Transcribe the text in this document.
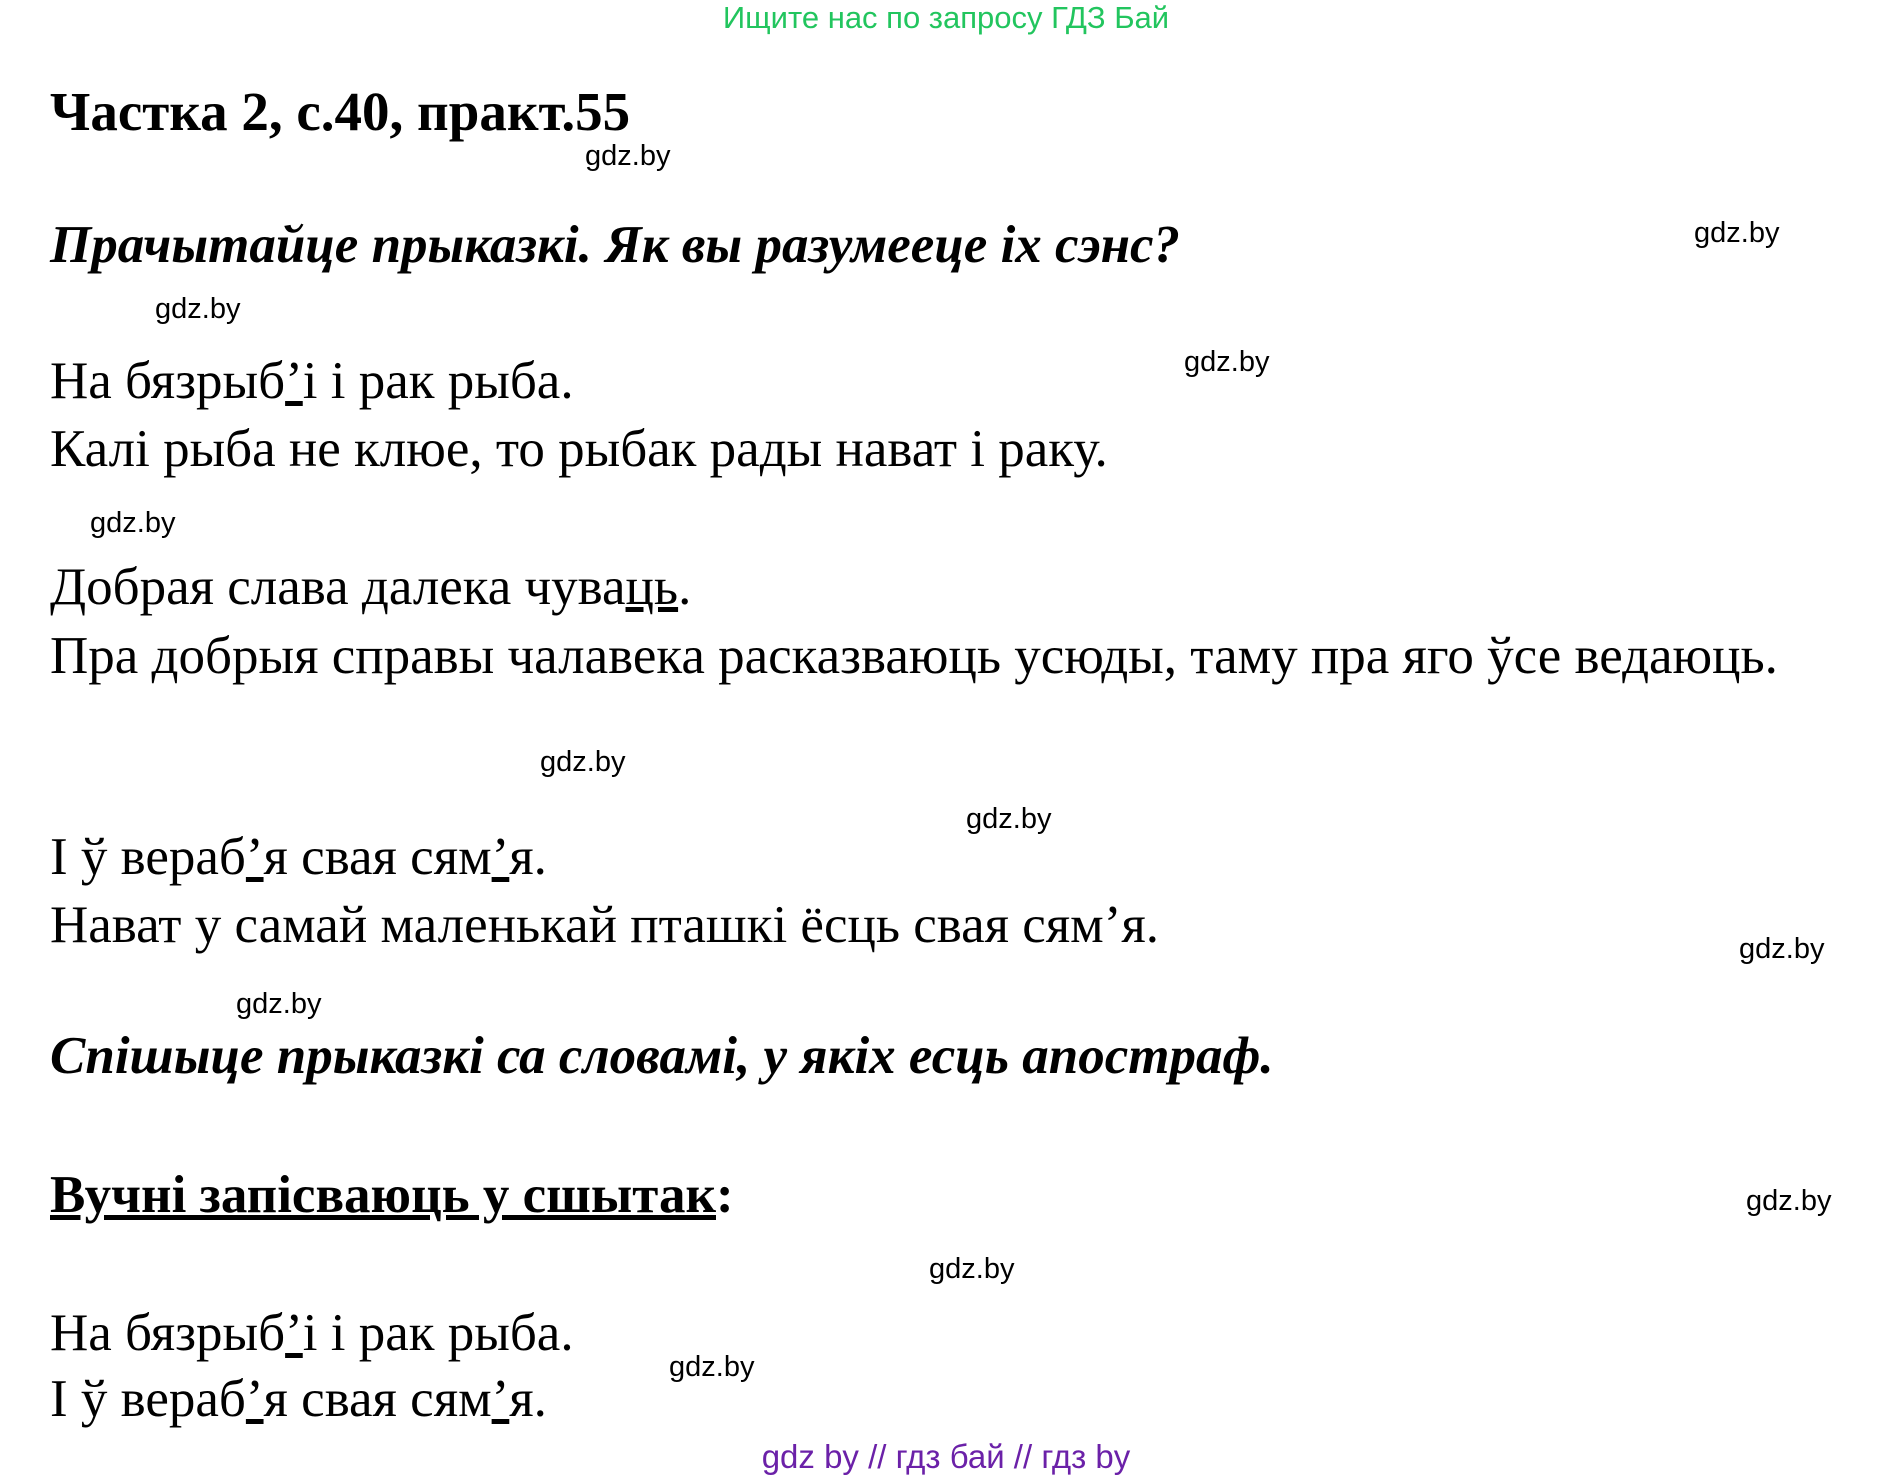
Ищите нас по запросу ГДЗ Бай
Частка 2, с.40, практ.55
gdz.by
Прачытайце прыказкі. Як вы разумееце іх сэнс?	gdz.by
gdz.by
На бязрыб’і і рак рыба.	gdz.by
Калі рыба не клюе, то рыбак рады нават і раку.
gdz.by
Добрая слава далека чуваць.
Пра добрыя справы чалавека расказваюць усюды, таму пра яго ўсе ведаюць.
gdz.by
gdz.by
І ў вераб’я свая сям’я.
Нават у самай маленькай пташкі ёсць свая сям’я.	gdz.by
gdz.by
Спішыце прыказкі са словамі, у якіх есць апостраф.
Вучні запісваюць у сшытак:	gdz.by
gdz.by
На бязрыб’і і рак рыба.
gdz.by
І ў вераб’я свая сям’я.
gdz by // гдз бай // гдз by
